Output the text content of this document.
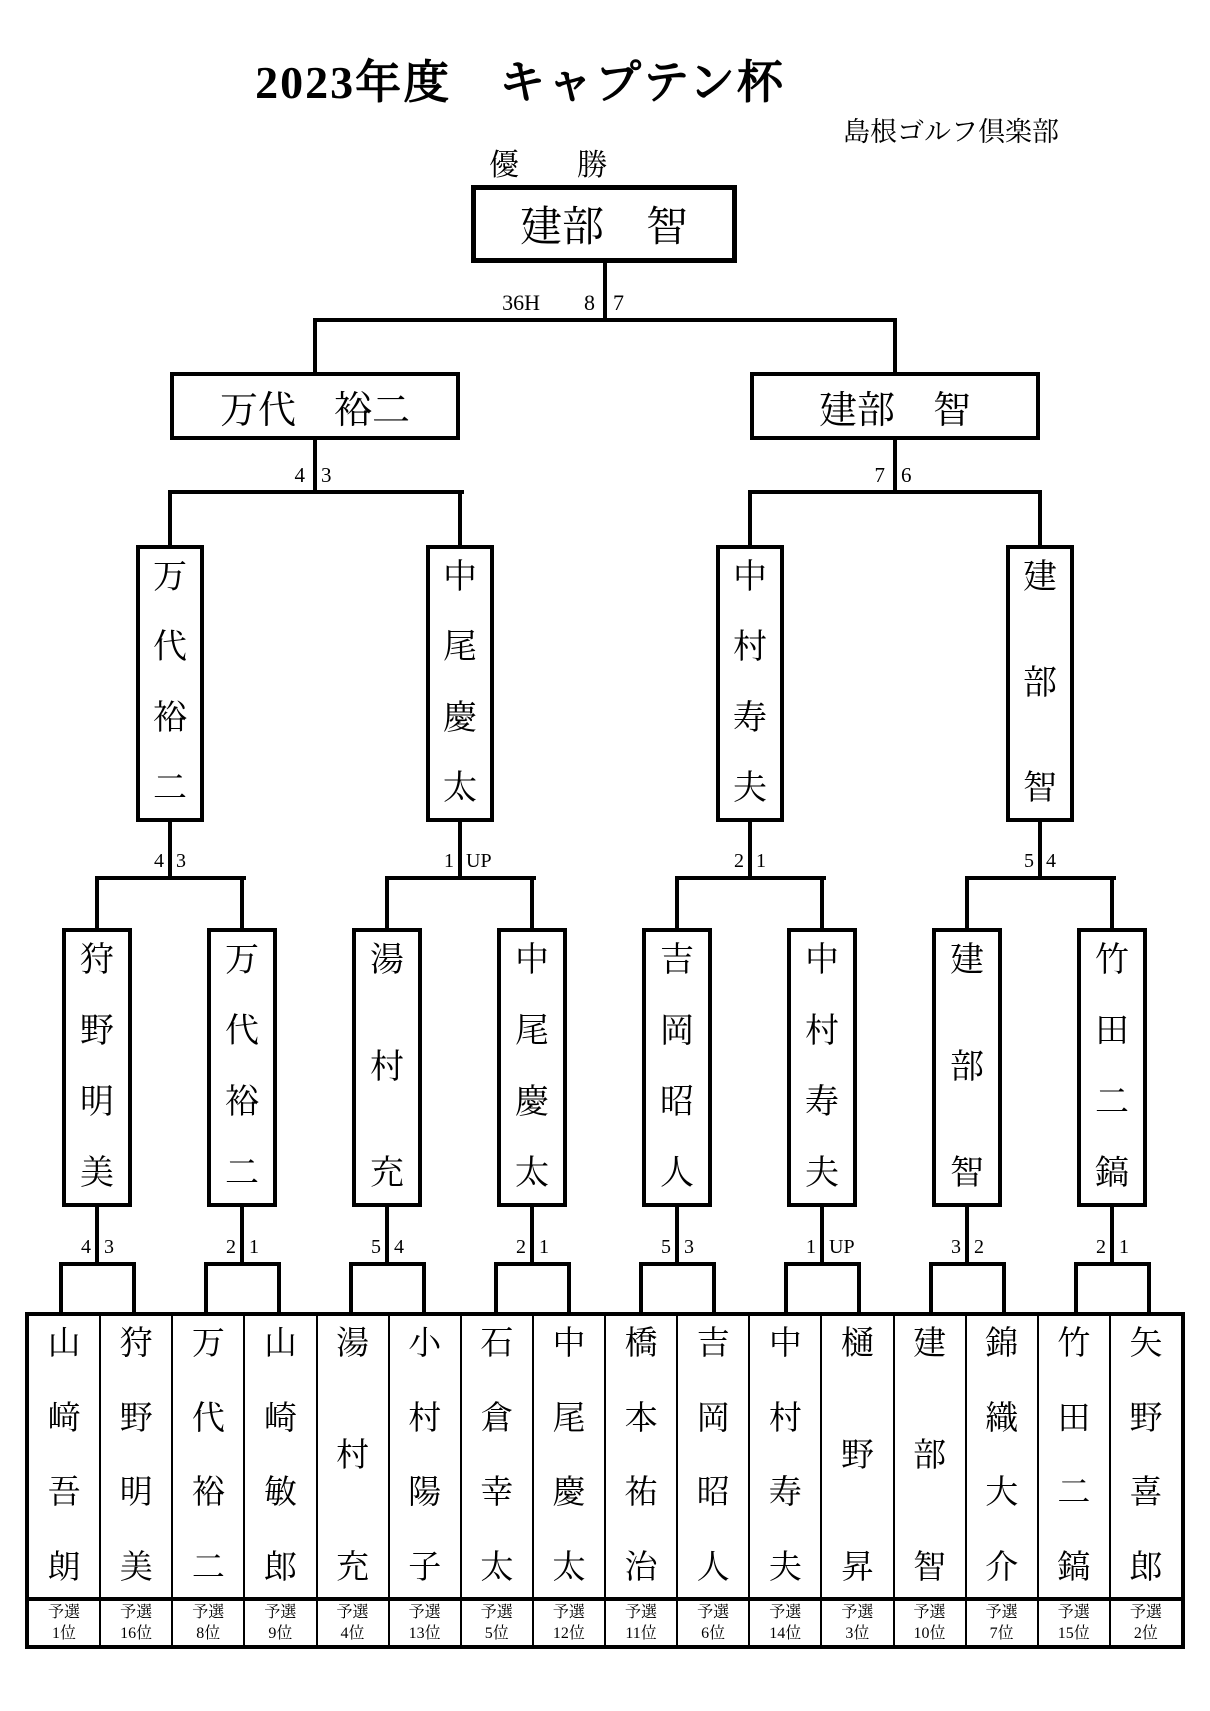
2023年度　キャプテン杯
島根ゴルフ倶楽部
優　勝
建部　智
36H	8 7
万代　裕二	建部　智
4 3	7 6
万
代
裕
二
中
尾
慶
太
中
村
寿
夫
建
部
智
4 3	1 UP	2 1	5 4
狩
野
明
美
万
代
裕
二
湯
村
充
中
尾
慶
太
吉
岡
昭
人
中
村
寿
夫
建
部
智
竹
田
二
鎬
4 3	2 1	5 4	2 1	5 3	1 UP	3 2	2 1
山
﨑
吾
朗
予選
1位
狩
野
明
美
予選
16位
万
代
裕
二
予選
8位
山
崎
敏
郎
予選
9位
湯
村
充
予選
4位
小
村
陽
子
予選
13位
石
倉
幸
太
予選
5位
中
尾
慶
太
予選
12位
橋
本
祐
治
予選
11位
吉
岡
昭
人
予選
6位
中
村
寿
夫
予選
14位
樋
野
昇
予選
3位
建
部
智
予選
10位
錦
織
大
介
予選
7位
竹
田
二
鎬
予選
15位
矢
野
喜
郎
予選
2位
